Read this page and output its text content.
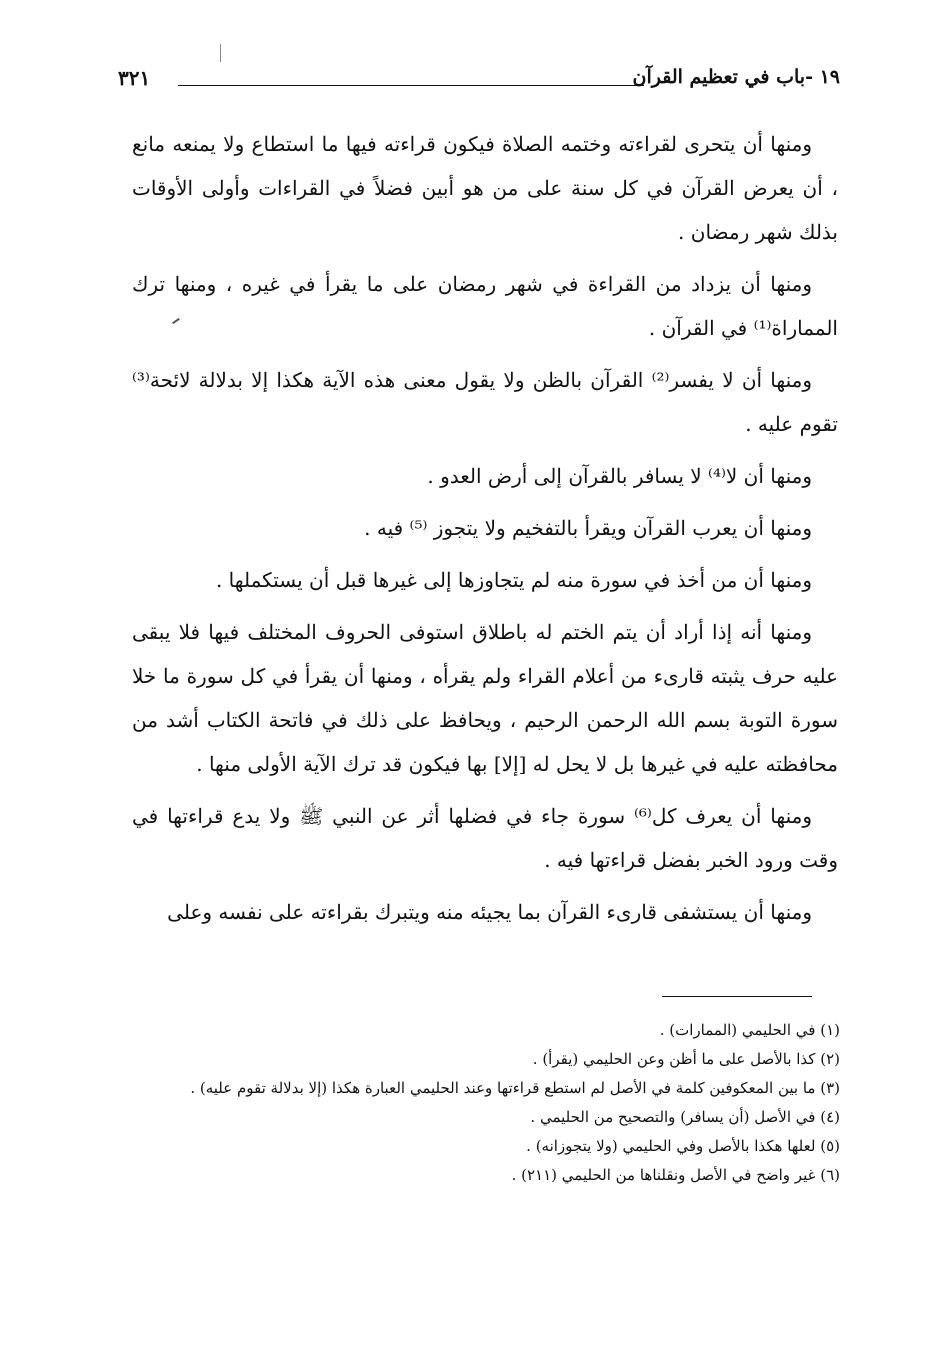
١٩ -باب في تعظيم القرآن
٣٢١

ومنها أن يتحرى لقراءته وختمه الصلاة فيكون قراءته فيها ما استطاع ولا يمنعه مانع ، أن يعرض القرآن في كل سنة على من هو أبين فضلاً في القراءات وأولى الأوقات بذلك شهر رمضان .

ومنها أن يزداد من القراءة في شهر رمضان على ما يقرأ في غيره ، ومنها ترك المماراة⁽¹⁾ في القرآن .

ومنها أن لا يفسر⁽²⁾ القرآن بالظن ولا يقول معنى هذه الآية هكذا إلا بدلالة لائحة⁽³⁾ تقوم عليه .

ومنها أن لا⁽⁴⁾ لا يسافر بالقرآن إلى أرض العدو .

ومنها أن يعرب القرآن ويقرأ بالتفخيم ولا يتجوز ⁽⁵⁾ فيه .

ومنها أن من أخذ في سورة منه لم يتجاوزها إلى غيرها قبل أن يستكملها .

ومنها أنه إذا أراد أن يتم الختم له باطلاق استوفى الحروف المختلف فيها فلا يبقى عليه حرف يثبته قارىء من أعلام القراء ولم يقرأه ، ومنها أن يقرأ في كل سورة ما خلا سورة التوبة بسم الله الرحمن الرحيم ، ويحافظ على ذلك في فاتحة الكتاب أشد من محافظته عليه في غيرها بل لا يحل له [إلا] بها فيكون قد ترك الآية الأولى منها .

ومنها أن يعرف كل⁽⁶⁾ سورة جاء في فضلها أثر عن النبي ﷺ ولا يدع قراءتها في وقت ورود الخبر بفضل قراءتها فيه .

ومنها أن يستشفى قارىء القرآن بما يجيئه منه ويتبرك بقراءته على نفسه وعلى

(١) في الحليمي (الممارات) .

(٢) كذا بالأصل على ما أظن وعن الحليمي (يقرأ) .

(٣) ما بين المعكوفين كلمة في الأصل لم استطع قراءتها وعند الحليمي العبارة هكذا (إلا بدلالة تقوم عليه) .

(٤) في الأصل (أن يسافر) والتصحيح من الحليمي .

(٥) لعلها هكذا بالأصل وفي الحليمي (ولا يتجوزانه) .

(٦) غير واضح في الأصل ونقلناها من الحليمي (٢١١) .
